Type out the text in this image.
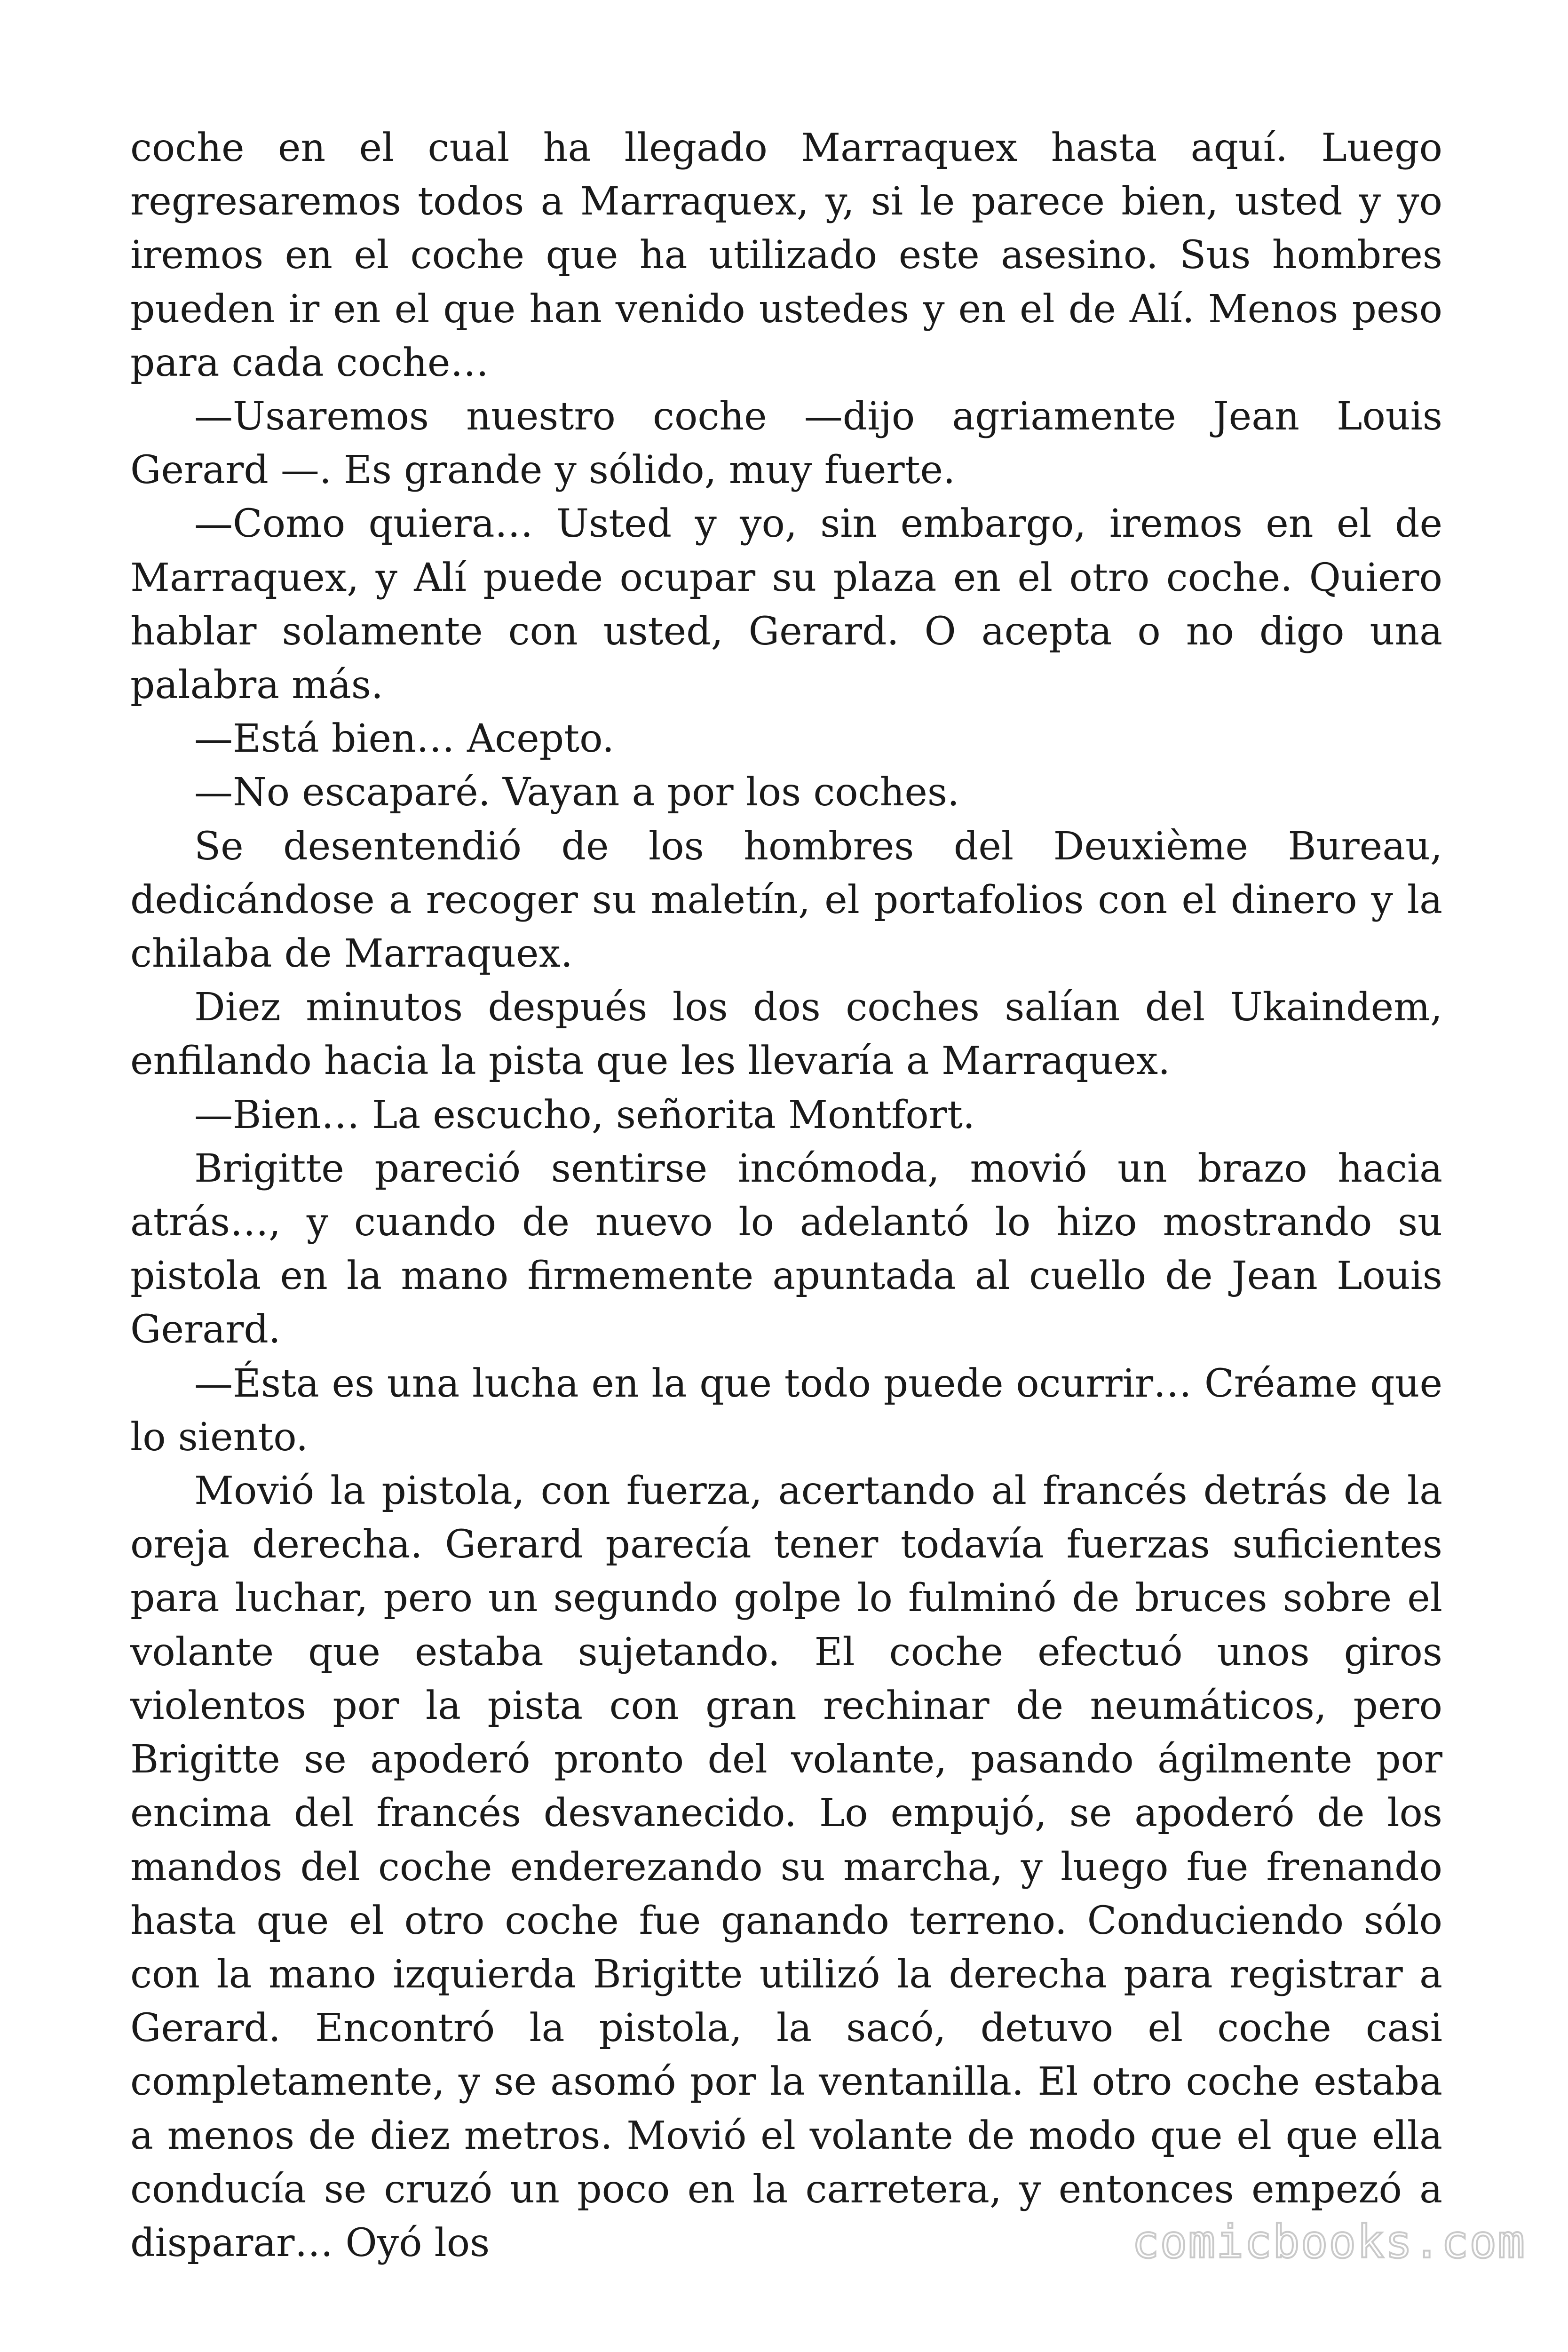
coche en el cual ha llegado Marraquex hasta aquí. Luego regresaremos todos a Marraquex, y, si le parece bien, usted y yo iremos en el coche que ha utilizado este asesino. Sus hombres pueden ir en el que han venido ustedes y en el de Alí. Menos peso para cada coche…

—Usaremos nuestro coche —dijo agriamente Jean Louis Gerard —. Es grande y sólido, muy fuerte.

—Como quiera… Usted y yo, sin embargo, iremos en el de Marraquex, y Alí puede ocupar su plaza en el otro coche. Quiero hablar solamente con usted, Gerard. O acepta o no digo una palabra más.

—Está bien… Acepto.

—No escaparé. Vayan a por los coches.

Se desentendió de los hombres del Deuxième Bureau, dedicándose a recoger su maletín, el portafolios con el dinero y la chilaba de Marraquex.

Diez minutos después los dos coches salían del Ukaindem, enfilando hacia la pista que les llevaría a Marraquex.

—Bien… La escucho, señorita Montfort.

Brigitte pareció sentirse incómoda, movió un brazo hacia atrás…, y cuando de nuevo lo adelantó lo hizo mostrando su pistola en la mano firmemente apuntada al cuello de Jean Louis Gerard.

—Ésta es una lucha en la que todo puede ocurrir… Créame que lo siento.

Movió la pistola, con fuerza, acertando al francés detrás de la oreja derecha. Gerard parecía tener todavía fuerzas suficientes para luchar, pero un segundo golpe lo fulminó de bruces sobre el volante que estaba sujetando. El coche efectuó unos giros violentos por la pista con gran rechinar de neumáticos, pero Brigitte se apoderó pronto del volante, pasando ágilmente por encima del francés desvanecido. Lo empujó, se apoderó de los mandos del coche enderezando su marcha, y luego fue frenando hasta que el otro coche fue ganando terreno. Conduciendo sólo con la mano izquierda Brigitte utilizó la derecha para registrar a Gerard. Encontró la pistola, la sacó, detuvo el coche casi completamente, y se asomó por la ventanilla. El otro coche estaba a menos de diez metros. Movió el volante de modo que el que ella conducía se cruzó un poco en la carretera, y entonces empezó a disparar… Oyó los	comicbooks.com
